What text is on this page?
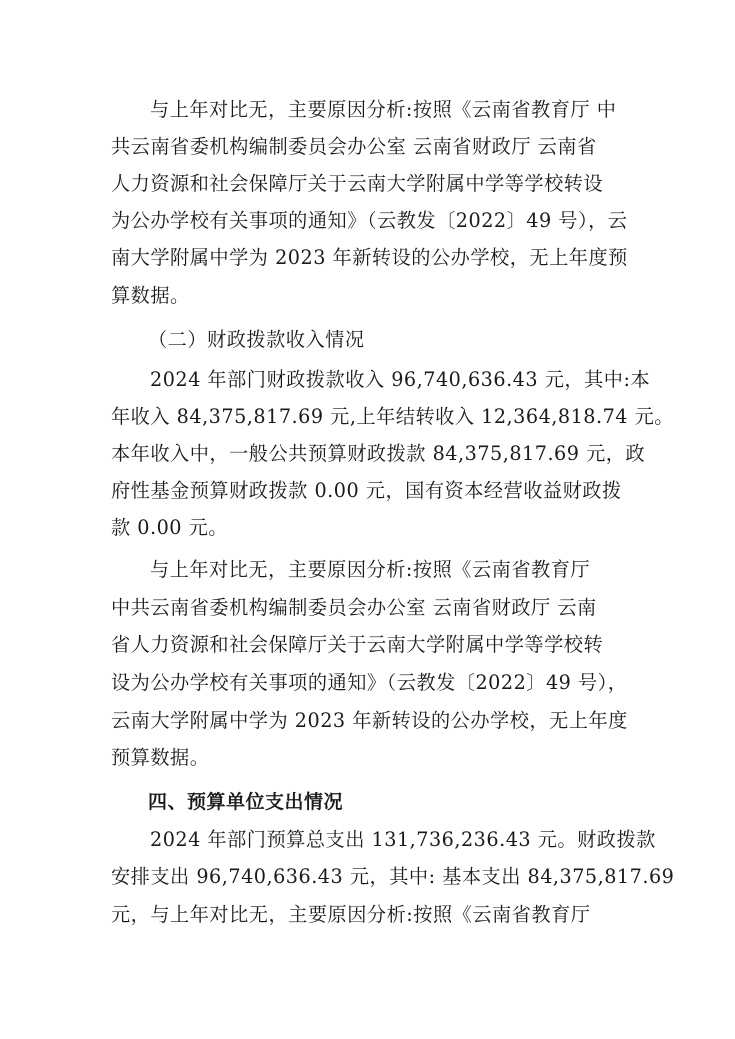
与上年对比无，主要原因分析:按照《云南省教育厅 中
共云南省委机构编制委员会办公室 云南省财政厅 云南省
人力资源和社会保障厅关于云南大学附属中学等学校转设
为公办学校有关事项的通知》（云教发〔2022〕49 号），云
南大学附属中学为 2023 年新转设的公办学校，无上年度预
算数据。
（二）财政拨款收入情况
2024 年部门财政拨款收入 96,740,636.43 元，其中:本
年收入 84,375,817.69 元,上年结转收入 12,364,818.74 元。
本年收入中，一般公共预算财政拨款 84,375,817.69 元，政
府性基金预算财政拨款 0.00 元，国有资本经营收益财政拨
款 0.00 元。
与上年对比无，主要原因分析:按照《云南省教育厅
中共云南省委机构编制委员会办公室 云南省财政厅 云南
省人力资源和社会保障厅关于云南大学附属中学等学校转
设为公办学校有关事项的通知》（云教发〔2022〕49 号），
云南大学附属中学为 2023 年新转设的公办学校，无上年度
预算数据。
四、预算单位支出情况
2024 年部门预算总支出 131,736,236.43 元。财政拨款
安排支出 96,740,636.43 元，其中: 基本支出 84,375,817.69
元，与上年对比无，主要原因分析:按照《云南省教育厅
